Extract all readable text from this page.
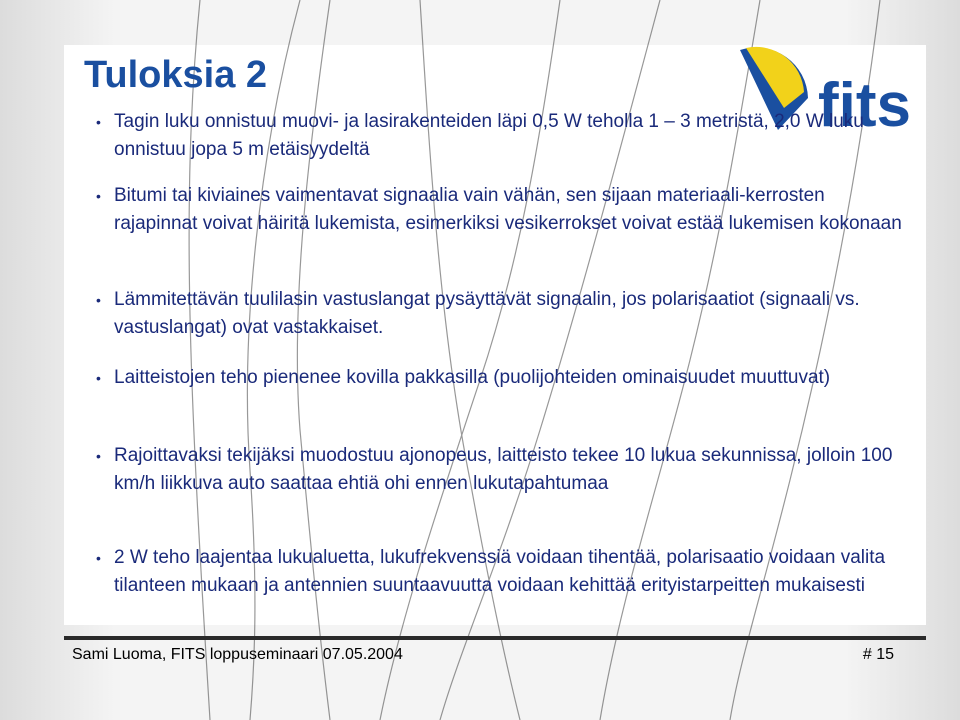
Tuloksia 2	fits
• Tagin luku onnistuu muovi- ja lasirakenteiden läpi 0,5 W teholla 1 – 3 metristä, 2,0 W luku onnistuu jopa 5 m etäisyydeltä
• Bitumi tai kiviaines vaimentavat signaalia vain vähän, sen sijaan materiaali-kerrosten rajapinnat voivat häiritä lukemista, esimerkiksi vesikerrokset voivat estää lukemisen kokonaan
• Lämmitettävän tuulilasin vastuslangat pysäyttävät signaalin, jos polarisaatiot (signaali vs. vastuslangat) ovat vastakkaiset.
• Laitteistojen teho pienenee kovilla pakkasilla (puolijohteiden ominaisuudet muuttuvat)
• Rajoittavaksi tekijäksi muodostuu ajonopeus, laitteisto tekee 10 lukua sekunnissa, jolloin 100 km/h liikkuva auto saattaa ehtiä ohi ennen lukutapahtumaa
• 2 W teho laajentaa lukualuetta, lukufrekvenssiä voidaan tihentää, polarisaatio voidaan valita tilanteen mukaan ja antennien suuntaavuutta voidaan kehittää erityistarpeitten mukaisesti
Sami Luoma, FITS loppuseminaari 07.05.2004	# 15
